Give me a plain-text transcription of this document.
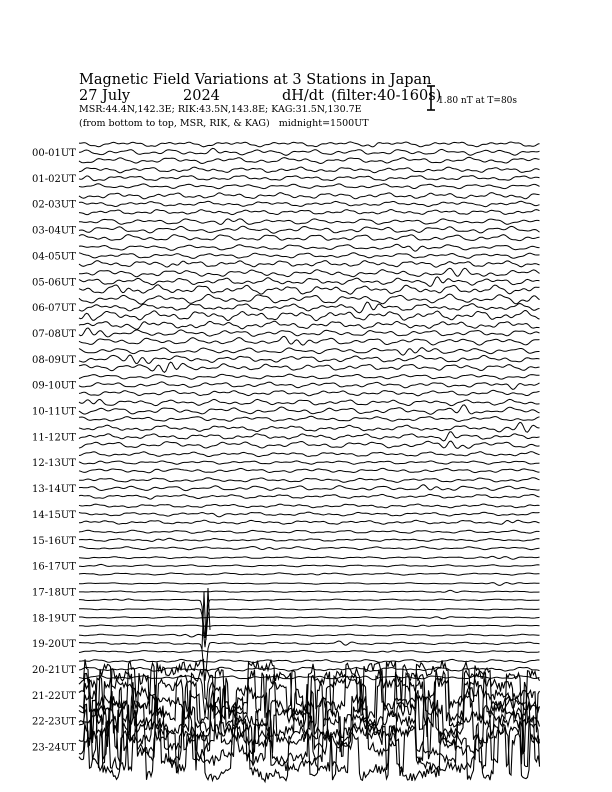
Magnetic Field Variations at 3 Stations in Japan
27 July	2024	dH/dt (filter:40-160s)
MSR:44.4N,142.3E; RIK:43.5N,143.8E; KAG:31.5N,130.7E
(from bottom to top, MSR, RIK, & KAG) midnight=1500UT
1.80 nT at T=80s
00-01UT
01-02UT
02-03UT
03-04UT
04-05UT
05-06UT
06-07UT
07-08UT
08-09UT
09-10UT
10-11UT
11-12UT
12-13UT
13-14UT
14-15UT
15-16UT
16-17UT
17-18UT
18-19UT
19-20UT
20-21UT
21-22UT
22-23UT
23-24UT
